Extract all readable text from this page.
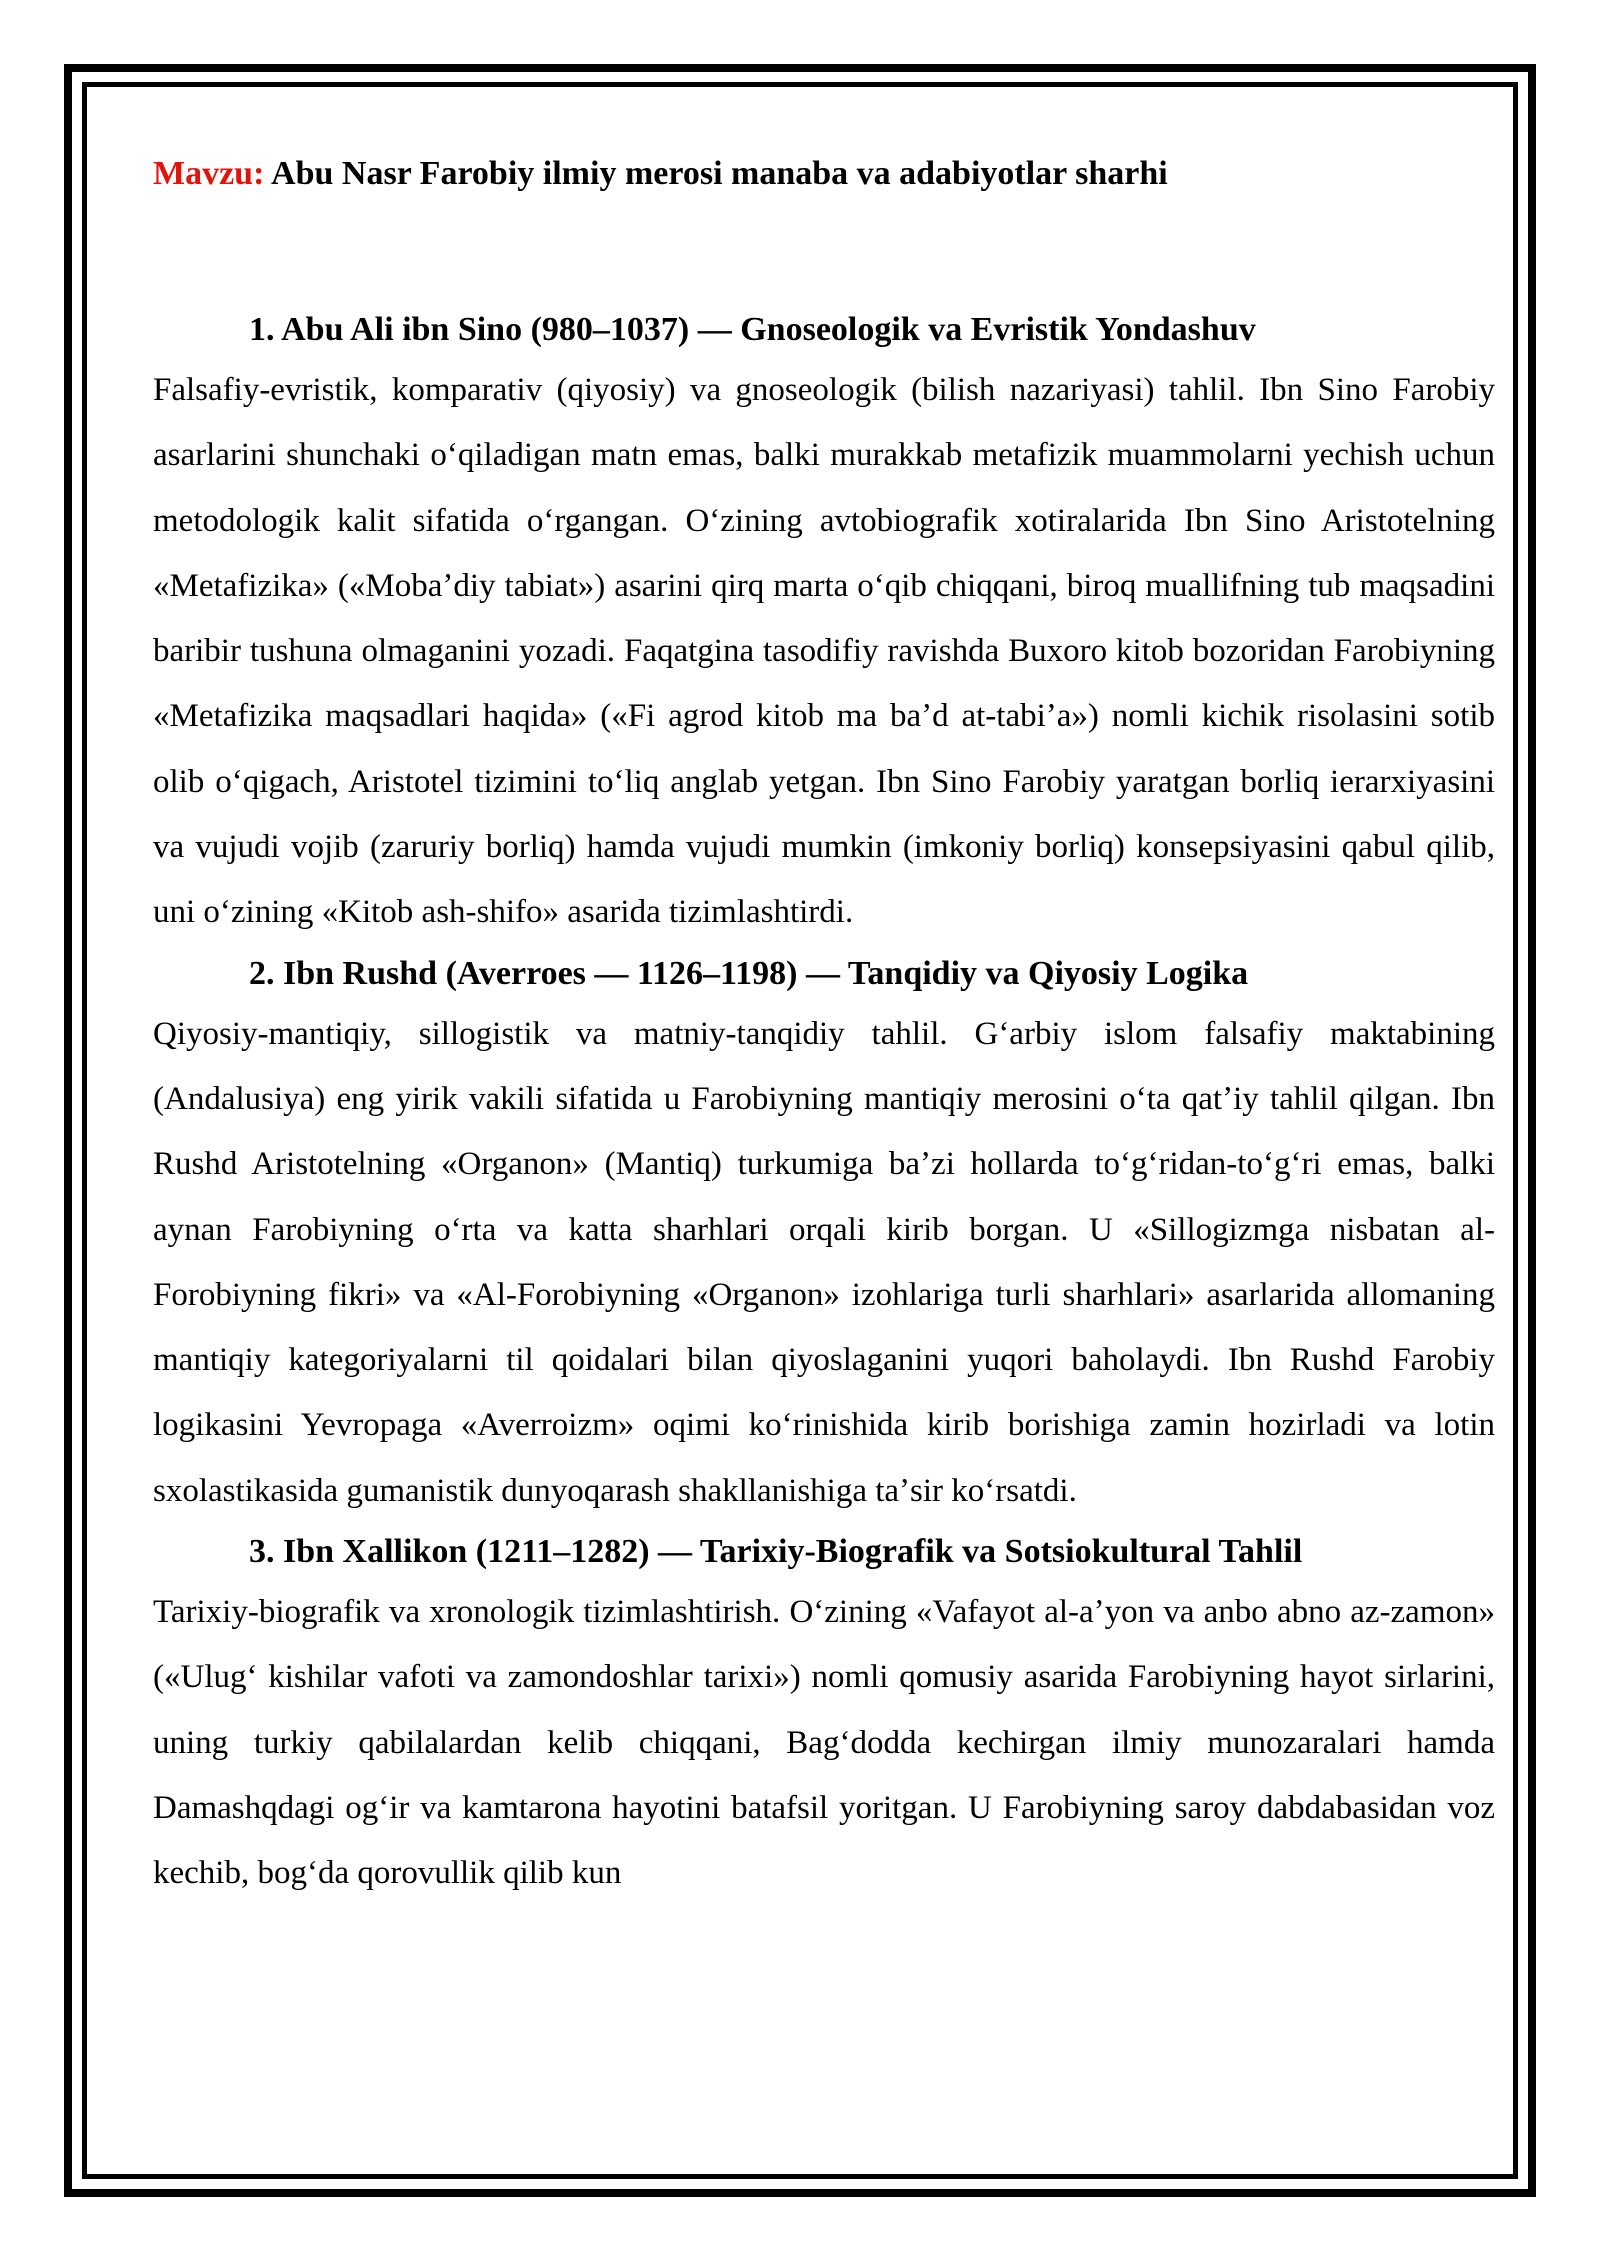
Mavzu: Abu Nasr Farobiy ilmiy merosi manaba va adabiyotlar sharhi

1. Abu Ali ibn Sino (980–1037) — Gnoseologik va Evristik Yondashuv

Falsafiy-evristik, komparativ (qiyosiy) va gnoseologik (bilish nazariyasi) tahlil. Ibn Sino Farobiy asarlarini shunchaki oʻqiladigan matn emas, balki murakkab metafizik muammolarni yechish uchun metodologik kalit sifatida oʻrgangan. Oʻzining avtobiografik xotiralarida Ibn Sino Aristotelning «Metafizika» («Mobaʼdiy tabiat») asarini qirq marta oʻqib chiqqani, biroq muallifning tub maqsadini baribir tushuna olmaganini yozadi. Faqatgina tasodifiy ravishda Buxoro kitob bozoridan Farobiyning «Metafizika maqsadlari haqida» («Fi agrod kitob ma baʼd at-tabiʼa») nomli kichik risolasini sotib olib oʻqigach, Aristotel tizimini toʻliq anglab yetgan. Ibn Sino Farobiy yaratgan borliq ierarxiyasini va vujudi vojib (zaruriy borliq) hamda vujudi mumkin (imkoniy borliq) konsepsiyasini qabul qilib, uni oʻzining «Kitob ash-shifo» asarida tizimlashtirdi.

2. Ibn Rushd (Averroes — 1126–1198) — Tanqidiy va Qiyosiy Logika

Qiyosiy-mantiqiy, sillogistik va matniy-tanqidiy tahlil. Gʻarbiy islom falsafiy maktabining (Andalusiya) eng yirik vakili sifatida u Farobiyning mantiqiy merosini oʻta qatʼiy tahlil qilgan. Ibn Rushd Aristotelning «Organon» (Mantiq) turkumiga baʼzi hollarda toʻgʻridan-toʻgʻri emas, balki aynan Farobiyning oʻrta va katta sharhlari orqali kirib borgan. U «Sillogizmga nisbatan al-Forobiyning fikri» va «Al-Forobiyning «Organon» izohlariga turli sharhlari» asarlarida allomaning mantiqiy kategoriyalarni til qoidalari bilan qiyoslaganini yuqori baholaydi. Ibn Rushd Farobiy logikasini Yevropaga «Averroizm» oqimi koʻrinishida kirib borishiga zamin hozirladi va lotin sxolastikasida gumanistik dunyoqarash shakllanishiga taʼsir koʻrsatdi.

3. Ibn Xallikon (1211–1282) — Tarixiy-Biografik va Sotsiokultural Tahlil

Tarixiy-biografik va xronologik tizimlashtirish. Oʻzining «Vafayot al-aʼyon va anbo abno az-zamon» («Ulugʻ kishilar vafoti va zamondoshlar tarixi») nomli qomusiy asarida Farobiyning hayot sirlarini, uning turkiy qabilalardan kelib chiqqani, Bagʻdodda kechirgan ilmiy munozaralari hamda Damashqdagi ogʻir va kamtarona hayotini batafsil yoritgan. U Farobiyning saroy dabdabasidan voz kechib, bogʻda qorovullik qilib kun
